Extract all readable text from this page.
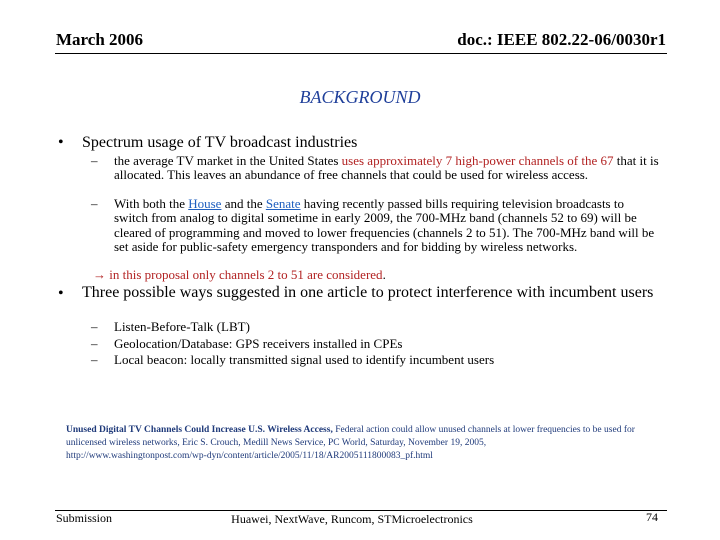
March 2006	doc.: IEEE 802.22-06/0030r1
BACKGROUND
• Spectrum usage of TV broadcast industries
– the average TV market in the United States uses approximately 7 high-power channels of the 67 that it is allocated. This leaves an abundance of free channels that could be used for wireless access.
– With both the House and the Senate having recently passed bills requiring television broadcasts to switch from analog to digital sometime in early 2009, the 700-MHz band (channels 52 to 69) will be cleared of programming and moved to lower frequencies (channels 2 to 51). The 700-MHz band will be set aside for public-safety emergency transponders and for bidding by wireless networks.
→ in this proposal only channels 2 to 51 are considered.
• Three possible ways suggested in one article to protect interference with incumbent users
– Listen-Before-Talk (LBT)
– Geolocation/Database: GPS receivers installed in CPEs
– Local beacon: locally transmitted signal used to identify incumbent users
Unused Digital TV Channels Could Increase U.S. Wireless Access, Federal action could allow unused channels at lower frequencies to be used for unlicensed wireless networks, Eric S. Crouch, Medill News Service, PC World, Saturday, November 19, 2005,
http://www.washingtonpost.com/wp-dyn/content/article/2005/11/18/AR2005111800083_pf.html
Submission	Huawei, NextWave, Runcom, STMicroelectronics	74
